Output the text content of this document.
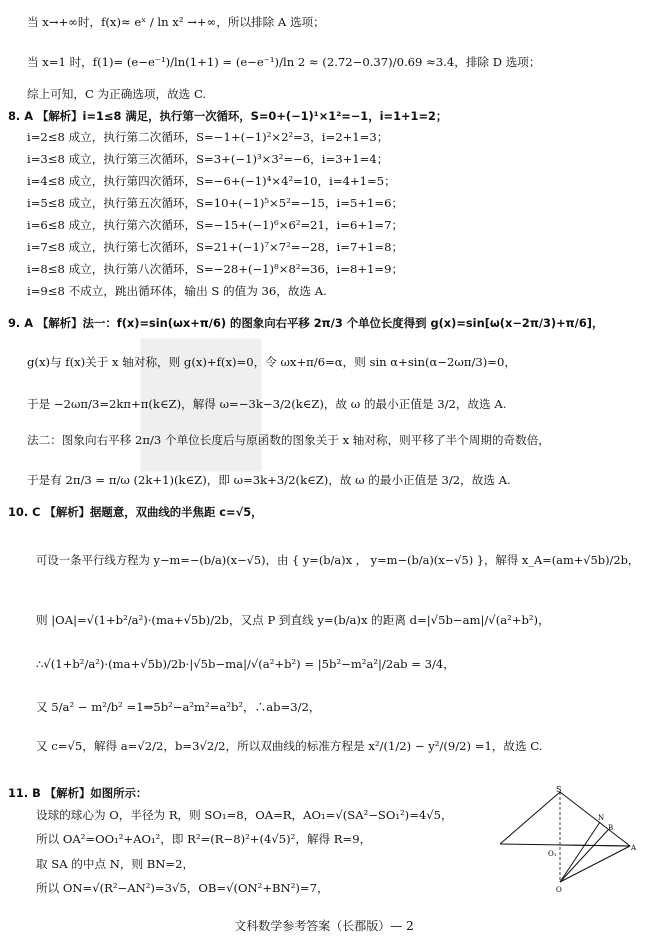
当 x→+∞时，f(x)≈ eˣ / ln x² →+∞，所以排除 A 选项；
当 x=1 时，f(1)= (e−e⁻¹)/ln(1+1) = (e−e⁻¹)/ln 2 ≈ (2.72−0.37)/0.69 ≈3.4，排除 D 选项；
综上可知，C 为正确选项，故选 C.
8. A 【解析】i=1≤8 满足，执行第一次循环，S=0+(−1)¹×1²=−1，i=1+1=2；
i=2≤8 成立，执行第二次循环，S=−1+(−1)²×2²=3，i=2+1=3；
i=3≤8 成立，执行第三次循环，S=3+(−1)³×3²=−6，i=3+1=4；
i=4≤8 成立，执行第四次循环，S=−6+(−1)⁴×4²=10，i=4+1=5；
i=5≤8 成立，执行第五次循环，S=10+(−1)⁵×5²=−15，i=5+1=6；
i=6≤8 成立，执行第六次循环，S=−15+(−1)⁶×6²=21，i=6+1=7；
i=7≤8 成立，执行第七次循环，S=21+(−1)⁷×7²=−28，i=7+1=8；
i=8≤8 成立，执行第八次循环，S=−28+(−1)⁸×8²=36，i=8+1=9；
i=9≤8 不成立，跳出循环体，输出 S 的值为 36，故选 A.
9. A 【解析】法一：f(x)=sin(ωx+π/6) 的图象向右平移 2π/3 个单位长度得到 g(x)=sin[ω(x−2π/3)+π/6]，
g(x)与 f(x)关于 x 轴对称，则 g(x)+f(x)=0，令 ωx+π/6=α，则 sin α+sin(α−2ωπ/3)=0，
于是 −2ωπ/3=2kπ+π(k∈Z)，解得 ω=−3k−3/2(k∈Z)，故 ω 的最小正值是 3/2，故选 A.
法二：图象向右平移 2π/3 个单位长度后与原函数的图象关于 x 轴对称，则平移了半个周期的奇数倍，
于是有 2π/3 = π/ω (2k+1)(k∈Z)，即 ω=3k+3/2(k∈Z)，故 ω 的最小正值是 3/2，故选 A.
10. C 【解析】据题意，双曲线的半焦距 c=√5，
可设一条平行线方程为 y−m=−(b/a)(x−√5)，由 { y=(b/a)x ， y=m−(b/a)(x−√5) }，解得 x_A=(am+√5b)/2b，
则 |OA|=√(1+b²/a²)·(ma+√5b)/2b，又点 P 到直线 y=(b/a)x 的距离 d=|√5b−am|/√(a²+b²)，
∴√(1+b²/a²)·(ma+√5b)/2b·|√5b−ma|/√(a²+b²) = |5b²−m²a²|/2ab = 3/4，
又 5/a² − m²/b² =1⇒5b²−a²m²=a²b²，∴ab=3/2，
又 c=√5，解得 a=√2/2，b=3√2/2，所以双曲线的标准方程是 x²/(1/2) − y²/(9/2) =1，故选 C.
11. B 【解析】如图所示：
设球的球心为 O，半径为 R，则 SO₁=8，OA=R，AO₁=√(SA²−SO₁²)=4√5，
所以 OA²=OO₁²+AO₁²，即 R²=(R−8)²+(4√5)²，解得 R=9，
取 SA 的中点 N，则 BN=2，
所以 ON=√(R²−AN²)=3√5，OB=√(ON²+BN²)=7，
S
N
B
O₁
A
O
文科数学参考答案（长郡版）— 2
